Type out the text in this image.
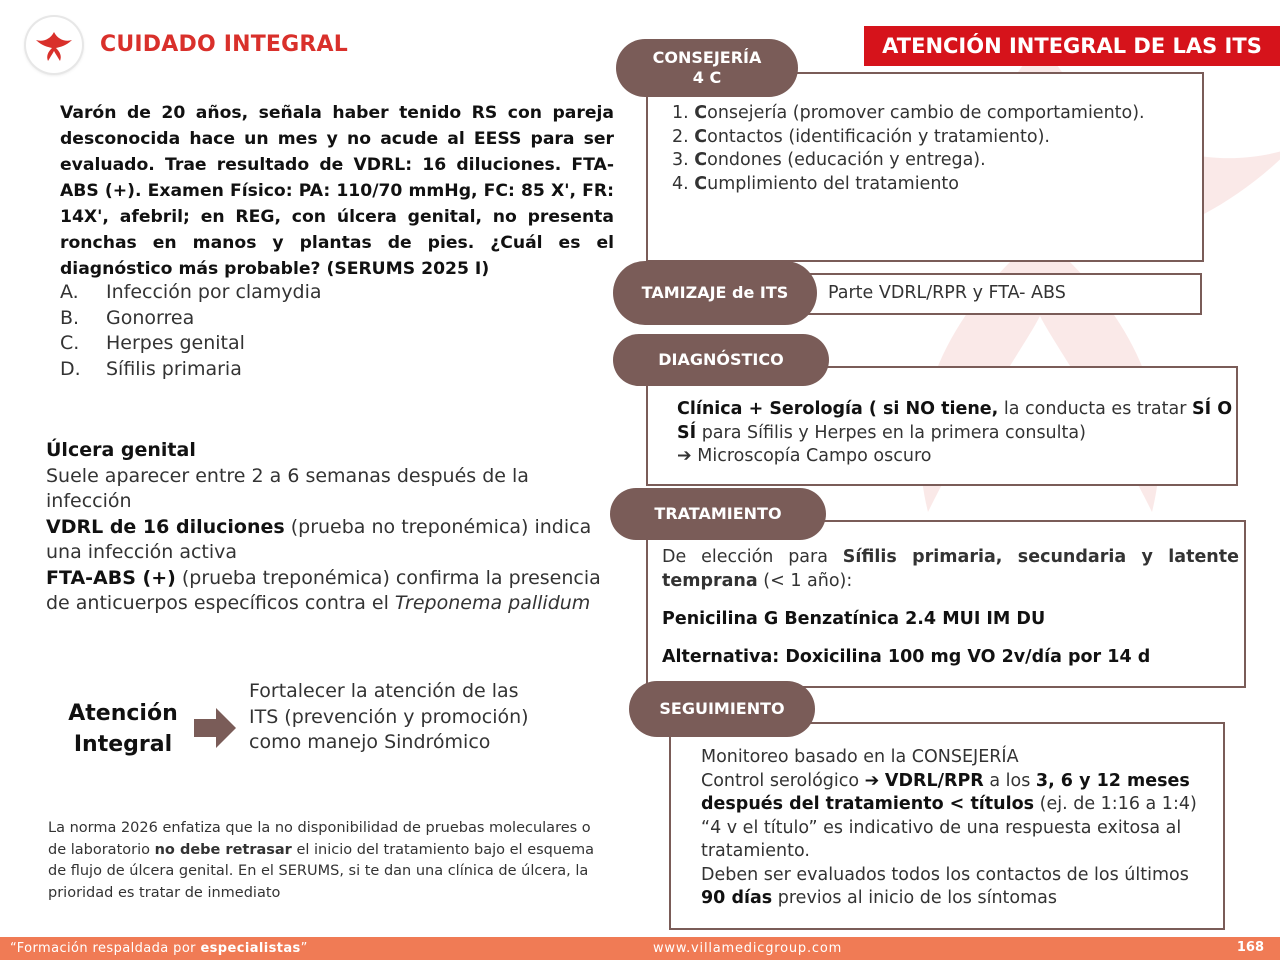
CUIDADO INTEGRAL	ATENCIÓN INTEGRAL DE LAS ITS
Varón de 20 años, señala haber tenido RS con pareja desconocida hace un mes y no acude al EESS para ser evaluado. Trae resultado de VDRL: 16 diluciones. FTA- ABS (+). Examen Físico: PA: 110/70 mmHg, FC: 85 X', FR: 14X', afebril; en REG, con úlcera genital, no presenta ronchas en manos y plantas de pies. ¿Cuál es el diagnóstico más probable? (SERUMS 2025 I)
A.	Infección por clamydia
B.	Gonorrea
C.	Herpes genital
D.	Sífilis primaria
Úlcera genital
Suele aparecer entre 2 a 6 semanas después de la infección
VDRL de 16 diluciones (prueba no treponémica) indica una infección activa
FTA-ABS (+) (prueba treponémica) confirma la presencia de anticuerpos específicos contra el Treponema pallidum
Atención
Integral
Fortalecer la atención de las ITS (prevención y promoción) como manejo Sindrómico
La norma 2026 enfatiza que la no disponibilidad de pruebas moleculares o de laboratorio no debe retrasar el inicio del tratamiento bajo el esquema de flujo de úlcera genital. En el SERUMS, si te dan una clínica de úlcera, la prioridad es tratar de inmediato
CONSEJERÍA
4 C
1. Consejería (promover cambio de comportamiento).
2. Contactos (identificación y tratamiento).
3. Condones (educación y entrega).
4. Cumplimiento del tratamiento
TAMIZAJE de ITS	Parte VDRL/RPR y FTA- ABS
DIAGNÓSTICO
Clínica + Serología ( si NO tiene, la conducta es tratar SÍ O SÍ para Sífilis y Herpes en la primera consulta)
➔ Microscopía Campo oscuro
TRATAMIENTO
De elección para Sífilis primaria, secundaria y latente temprana (< 1 año):
Penicilina G Benzatínica 2.4 MUI IM DU
Alternativa: Doxicilina 100 mg VO 2v/día por 14 d
SEGUIMIENTO
Monitoreo basado en la CONSEJERÍA
Control serológico ➔ VDRL/RPR a los 3, 6 y 12 meses después del tratamiento < títulos (ej. de 1:16 a 1:4) “4 v el título” es indicativo de una respuesta exitosa al tratamiento.
Deben ser evaluados todos los contactos de los últimos 90 días previos al inicio de los síntomas
“Formación respaldada por especialistas”	www.villamedicgroup.com	168
